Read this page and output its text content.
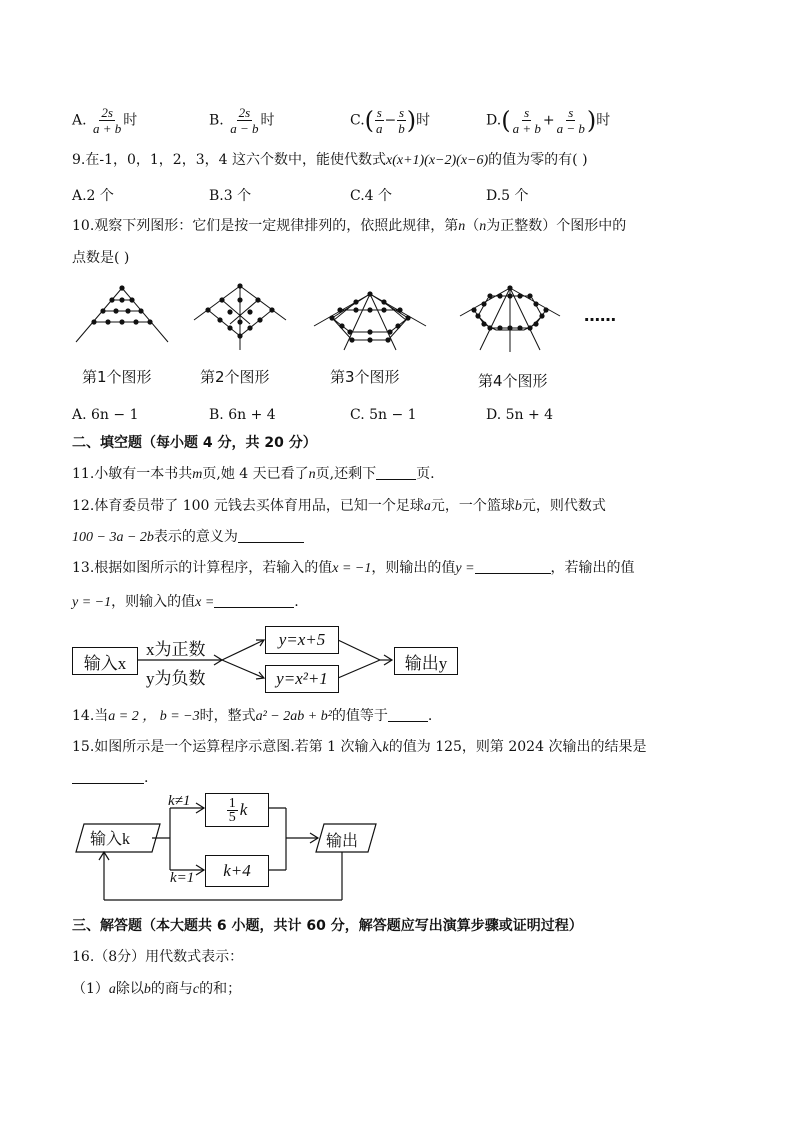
A. $\frac{2s}{a + b}$ 时	B. $\frac{2s}{a - b}$ 时	$C.( \frac{s}{a} - \frac{s}{b}$ )时	$D.( \frac{s}{a + b} + \frac{s}{a - b}$ )时
9.在-1，0，1，2，3，4 这六个数中，能使代数式x(x+1)(x−2)(x−6)的值为零的有( )
A.2 个	B.3 个	C.4 个	D.5 个
10.观察下列图形：它们是按一定规律排列的，依照此规律，第n（n为正整数）个图形中的
点数是( )
……
第1个图形	第2个图形	第3个图形	第4个图形
A. 6n − 1	B. 6n + 4	C. 5n − 1	D. 5n + 4
二、填空题（每小题 4 分，共 20 分）
11.小敏有一本书共m页,她 4 天已看了n页,还剩下	页.
12.体育委员带了 100 元钱去买体育用品，已知一个足球a元，一个篮球b元，则代数式
100 − 3a − 2b表示的意义为
13.根据如图所示的计算程序，若输入的值x = −1，则输出的值y =	，若输出的值
y = −1，则输入的值x =	.
输入x
x为正数
y为负数
y=x+5
y=x²+1
输出y
14.当a = 2 ， b = −3时，整式a² − 2ab + b²的值等于	.
15.如图所示是一个运算程序示意图.若第 1 次输入k的值为 125，则第 2024 次输出的结果是
.
输入k	输出
k≠1
k=1
$\frac{1}{5}$ k
k+4
三、解答题（本大题共 6 小题，共计 60 分，解答题应写出演算步骤或证明过程）
16.（8分）用代数式表示：
（1）a除以b的商与c的和；
